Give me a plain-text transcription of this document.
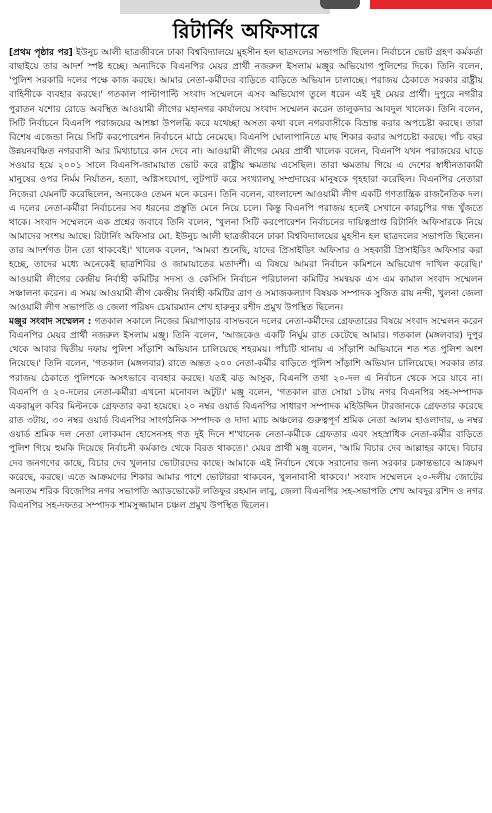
রিটার্নিং অফিসারে

[প্রথম পৃষ্ঠার পর] ইউনুচ আলী ছাত্রজীবনে ঢাকা বিশ্ববিদ্যালয়ে মুহসীন হল ছাত্রদলের সভাপতি ছিলেন। নির্বাচনে ভোট গ্রহণ কর্মকর্তা বাছাইয়ে তার আদর্শ স্পষ্ট হচ্ছে। অন্যদিকে বিএনপির মেয়র প্রার্থী নজরুল ইসলাম মঞ্জুর অভিযোগ পুলিশের দিকে। তিনি বলেন, 'পুলিশ সরকারি দলের পক্ষে কাজ করছে। আমার নেতা-কর্মীদের বাড়িতে বাড়িতে অভিযান চালাচ্ছে। পরাজয় ঠেকাতে সরকার রাষ্ট্রীয় বাহিনীকে ব্যবহার করছে।' গতকাল পাল্টাপাল্টি সংবাদ সম্মেলনে এসব অভিযোগ তুলে ধরেন এই দুই মেয়র প্রার্থী। দুপুরে নগরীর পুরাতন যশোর রোডে অবস্থিত আওয়ামী লীগের মহানগর কার্যালয়ে সংবাদ সম্মেলন করেন তালুকদার আবদুল খালেক। তিনি বলেন, সিটি নির্বাচনে বিএনপি পরাজয়ের আশঙ্কা উপলব্ধি করে যথেচ্ছা অসত্য কথা বলে নগরবাসীকে বিভ্রান্ত করার অপচেষ্টা করছে। তারা বিশেষ এজেন্ডা নিয়ে সিটি করপোরেশন নির্বাচনে মাঠে নেমেছে। বিএনপি ঘোলাপানিতে মাছ শিকার করার অপচেষ্টা করছে। পাঁচ বছর উন্নয়নবঞ্চিত নগরবাসী আর মিথ্যাচারে কান দেবে না। আওয়ামী লীগের মেয়র প্রার্থী খালেক বলেন, বিএনপি যখন পরাজয়ের ঘাড়ে সওয়ার হয়ে ২০০১ সালে বিএনপি-জামায়াত ভোট করে রাষ্ট্রীয় ক্ষমতায় এসেছিল। তারা ক্ষমতায় গিয়ে এ দেশের স্বাধীনতাকামী মানুষের ওপর নির্মম নির্যাতন, হত্যা, অগ্নিসংযোগ, লুটপাট করে সংখ্যালঘু সম্প্রদায়ের মানুষকে গৃহহারা করেছিল। বিএনপির নেতারা নিজেরা যেমনটি করেছিলেন, অন্যকেও তেমন মনে করেন। তিনি বলেন, বাংলাদেশ আওয়ামী লীগ একটি গণতান্ত্রিক রাজনৈতিক দল। এ দলের নেতা-কর্মীরা নির্বাচনের সব ধরনের প্রস্তুতি মেনে নিয়ে চলে। কিন্তু বিএনপি পরাজয় হলেই সেখানে কারচুপির গন্ধ খুঁজতে থাকে। সংবাদ সম্মেলনে এক প্রশ্নের জবাবে তিনি বলেন, 'খুলনা সিটি করপোরেশন নির্বাচনের দায়িত্বপ্রাপ্ত রিটার্নিং অফিসারকে নিয়ে আমাদের সংশয় আছে। রিটার্নিং অফিসার মো. ইউনুচ আলী ছাত্রজীবনে ঢাকা বিশ্ববিদ্যালয়ের মুহসীন হল ছাত্রদলের সভাপতি ছিলেন। তার আদর্শগত টান তো থাকবেই।' খালেক বলেন, 'আমরা শুনেছি, যাদের প্রিসাইডিং অফিসার ও সহকারী প্রিসাইডিং অফিসার করা হচ্ছে, তাদের মধ্যে অনেকেই ছাত্রশিবির ও জামায়াতের মতাদর্শী। এ বিষয়ে আমরা নির্বাচন কমিশনে অভিযোগ দাখিল করেছি।' আওয়ামী লীগের কেন্দ্রীয় নির্বাহী কমিটির সদস্য ও কেসিসি নির্বাচন পরিচালনা কমিটির সমন্বয়ক এস এম কামাল সংবাদ সম্মেলন সঞ্চালনা করেন। এ সময় আওয়ামী লীগ কেন্দ্রীয় নির্বাহী কমিটির ত্রাণ ও সমাজকল্যাণ বিষয়ক সম্পাদক সুজিত রায় নন্দী, খুলনা জেলা আওয়ামী লীগ সভাপতি ও জেলা পরিষদ চেয়ারম্যান শেখ হারুনুর রশীদ প্রমুখ উপস্থিত ছিলেন।

মঞ্জুর সংবাদ সম্মেলন : গতকাল সকালে নিজের মিয়াপাড়ার বাসভবনে দলের নেতা-কর্মীদের গ্রেফতারের বিষয়ে সংবাদ সম্মেলন করেন বিএনপির মেয়র প্রার্থী নজরুল ইসলাম মঞ্জু। তিনি বলেন, 'আজকেও একটি নির্ঘুম রাত কেটেছে আমার। গতকাল (মঙ্গলবার) দুপুর থেকে আবার দ্বিতীয় দফায় পুলিশ সাঁড়াশি অভিযান চালিয়েছে শহরময়। পাঁচটি থানায় এ সাঁড়াশি অভিযানে শত শত পুলিশ অংশ নিয়েছে।' তিনি বলেন, 'গতকাল (মঙ্গলবার) রাতে অন্তত ২০০ নেতা-কর্মীর বাড়িতে পুলিশ সাঁড়াশি অভিযান চালিয়েছে। সরকার তার পরাজয় ঠেকাতে পুলিশকে অসৎভাবে ব্যবহার করছে। যতই ঝড় আসুক, বিএনপি তথা ২০-দল এ নির্বাচন থেকে সরে যাবে না। বিএনপি ও ২০-দলের নেতা-কর্মীরা এখনো মনোবল অটুট।' মঞ্জু বলেন, 'গতকাল রাত সোয়া ১টায় নগর বিএনপির সহ-সম্পাদক একরামুল কবির মিল্টনকে গ্রেফতার করা হয়েছে। ২০ নম্বর ওয়ার্ড বিএনপির সাধারণ সম্পাদক মহিউদ্দিন টারজানকে গ্রেফতার করেছে রাত ৩টায়, ৩০ নম্বর ওয়ার্ড বিএনপির সাংগঠনিক সম্পাদক ও দাদা ম্যাচ অঞ্চলের গুরুত্বপূর্ণ শ্রমিক নেতা আলম হাওলাদার, ৬ নম্বর ওয়ার্ড শ্রমিক দল নেতা লোকমান হোসেনসহ গত দুই দিনে শ'খানেক নেতা-কর্মীকে গ্রেফতার এবং সহস্রাধিক নেতা-কর্মীর বাড়িতে পুলিশ গিয়ে হুমকি দিয়েছে নির্বাচনী কর্মকাণ্ড থেকে বিরত থাকতে।' মেয়র প্রার্থী মঞ্জু বলেন, 'আমি বিচার দেব আল্লাহর কাছে। বিচার দেব জনগণের কাছে, বিচার দেব খুলনার ভোটারদের কাছে। আমাকে এই নির্বাচন থেকে সরানোর জন্য সরকার চক্রান্তভাবে আক্রমণ করেছে, করছে। এতে আক্রমণের শিকার আমার পাশে ভোটাররা থাকবেন, খুলনাবাসী থাকবে।' সংবাদ সম্মেলনে ২০-দলীয় জোটের অন্যতম শরিক বিজেপির নগর সভাপতি অ্যাডভোকেট লতিফুর রহমান লাবু, জেলা বিএনপির সহ-সভাপতি শেখ আবদুর রশিদ ও নগর বিএনপির সহ-দফতর সম্পাদক শামসুজ্জামান চঞ্চল প্রমুখ উপস্থিত ছিলেন।
